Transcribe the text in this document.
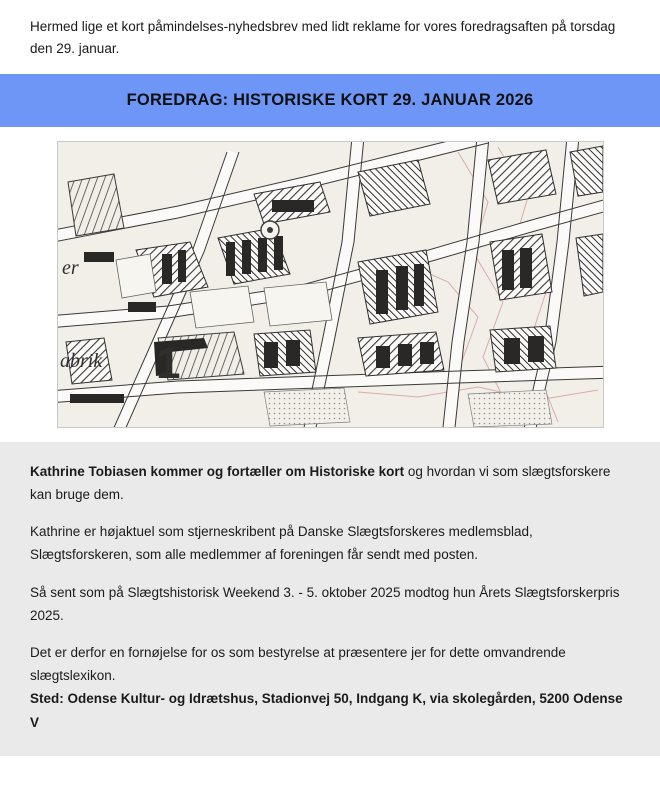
Hermed lige et kort påmindelses-nyhedsbrev med lidt reklame for vores foredragsaften på torsdag den 29. januar.

FOREDRAG: HISTORISKE KORT 29. JANUAR 2026
er
abrik 1

Kathrine Tobiasen kommer og fortæller om Historiske kort og hvordan vi som slægtsforskere kan bruge dem.

Kathrine er højaktuel som stjerneskribent på Danske Slægtsforskeres medlemsblad, Slægtsforskeren, som alle medlemmer af foreningen får sendt med posten.

Så sent som på Slægtshistorisk Weekend 3. - 5. oktober 2025 modtog hun Årets Slægtsforskerpris 2025.

Det er derfor en fornøjelse for os som bestyrelse at præsentere jer for dette omvandrende slægtslexikon.

Sted: Odense Kultur- og Idrætshus, Stadionvej 50, Indgang K, via skolegården, 5200 Odense V
